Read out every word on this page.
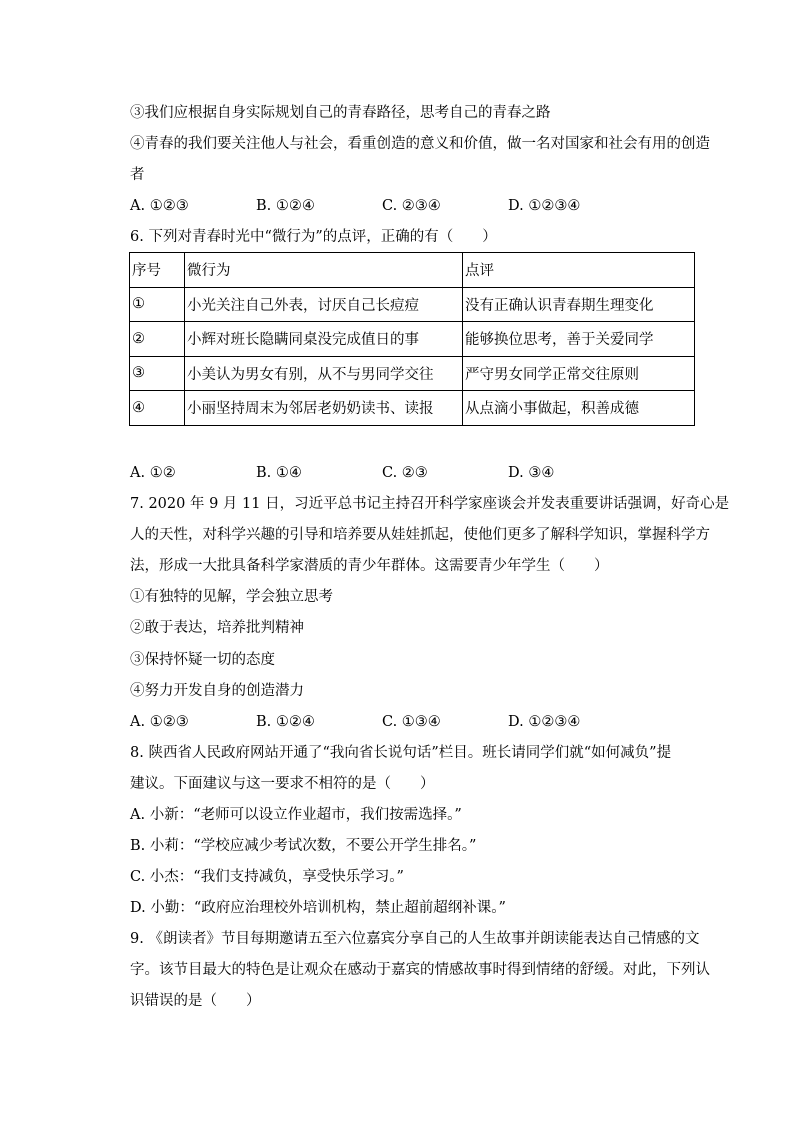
③我们应根据自身实际规划自己的青春路径，思考自己的青春之路
④青春的我们要关注他人与社会，看重创造的意义和价值，做一名对国家和社会有用的创造
者
A. ①②③	B. ①②④	C. ②③④	D. ①②③④
6. 下列对青春时光中“微行为”的点评，正确的有（　　）
序号	微行为	点评
①	小光关注自己外表，讨厌自己长痘痘	没有正确认识青春期生理变化
②	小辉对班长隐瞒同桌没完成值日的事	能够换位思考，善于关爱同学
③	小美认为男女有别，从不与男同学交往	严守男女同学正常交往原则
④	小丽坚持周末为邻居老奶奶读书、读报	从点滴小事做起，积善成德
A. ①②	B. ①④	C. ②③	D. ③④
7. 2020 年 9 月 11 日，习近平总书记主持召开科学家座谈会并发表重要讲话强调，好奇心是
人的天性，对科学兴趣的引导和培养要从娃娃抓起，使他们更多了解科学知识，掌握科学方
法，形成一大批具备科学家潜质的青少年群体。这需要青少年学生（　　）
①有独特的见解，学会独立思考
②敢于表达，培养批判精神
③保持怀疑一切的态度
④努力开发自身的创造潜力
A. ①②③	B. ①②④	C. ①③④	D. ①②③④
8. 陕西省人民政府网站开通了“我向省长说句话”栏目。班长请同学们就“如何减负”提
建议。下面建议与这一要求不相符的是（　　）
A. 小新：“老师可以设立作业超市，我们按需选择。”
B. 小莉：“学校应减少考试次数，不要公开学生排名。”
C. 小杰：“我们支持减负，享受快乐学习。”
D. 小勤：“政府应治理校外培训机构，禁止超前超纲补课。”
9. 《朗读者》节目每期邀请五至六位嘉宾分享自己的人生故事并朗读能表达自己情感的文
字。该节目最大的特色是让观众在感动于嘉宾的情感故事时得到情绪的舒缓。对此，下列认
识错误的是（　　）
